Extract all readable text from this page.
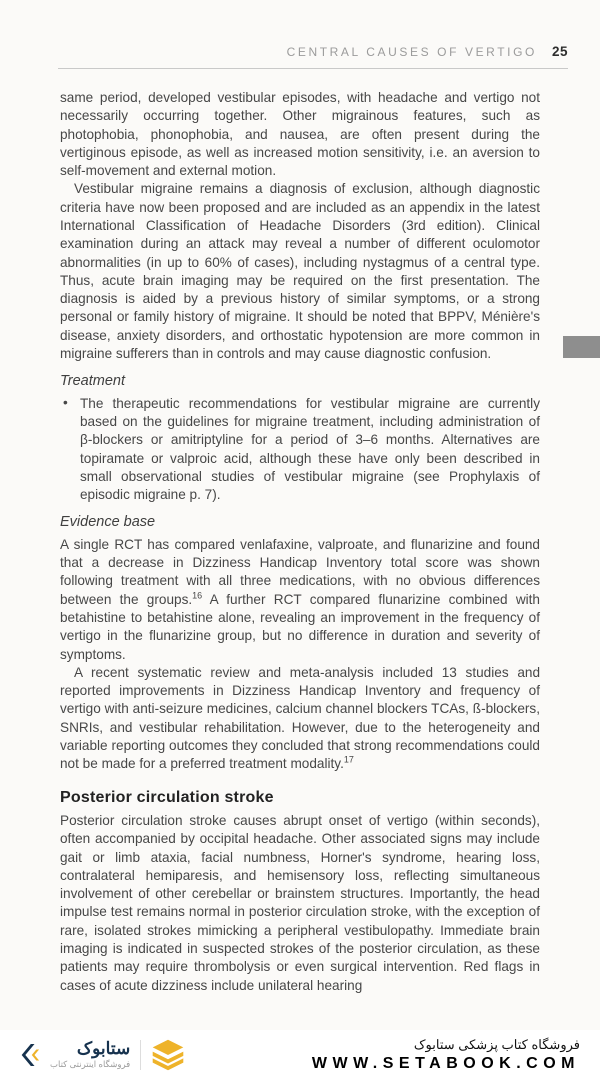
CENTRAL CAUSES OF VERTIGO 25

same period, developed vestibular episodes, with headache and vertigo not necessarily occurring together. Other migrainous features, such as photophobia, phonophobia, and nausea, are often present during the vertiginous episode, as well as increased motion sensitivity, i.e. an aversion to self-movement and external motion.

Vestibular migraine remains a diagnosis of exclusion, although diagnostic criteria have now been proposed and are included as an appendix in the latest International Classification of Headache Disorders (3rd edition). Clinical examination during an attack may reveal a number of different oculomotor abnormalities (in up to 60% of cases), including nystagmus of a central type. Thus, acute brain imaging may be required on the first presentation. The diagnosis is aided by a previous history of similar symptoms, or a strong personal or family history of migraine. It should be noted that BPPV, Ménière's disease, anxiety disorders, and orthostatic hypotension are more common in migraine sufferers than in controls and may cause diagnostic confusion.

Treatment
• The therapeutic recommendations for vestibular migraine are currently based on the guidelines for migraine treatment, including administration of β-blockers or amitriptyline for a period of 3–6 months. Alternatives are topiramate or valproic acid, although these have only been described in small observational studies of vestibular migraine (see Prophylaxis of episodic migraine p. 7).

Evidence base

A single RCT has compared venlafaxine, valproate, and flunarizine and found that a decrease in Dizziness Handicap Inventory total score was shown following treatment with all three medications, with no obvious differences between the groups.$^{16}$ A further RCT compared flunarizine combined with betahistine to betahistine alone, revealing an improvement in the frequency of vertigo in the flunarizine group, but no difference in duration and severity of symptoms.

A recent systematic review and meta-analysis included 13 studies and reported improvements in Dizziness Handicap Inventory and frequency of vertigo with anti-seizure medicines, calcium channel blockers TCAs, ß-blockers, SNRIs, and vestibular rehabilitation. However, due to the heterogeneity and variable reporting outcomes they concluded that strong recommendations could not be made for a preferred treatment modality.$^{17}$

Posterior circulation stroke

Posterior circulation stroke causes abrupt onset of vertigo (within seconds), often accompanied by occipital headache. Other associated signs may include gait or limb ataxia, facial numbness, Horner's syndrome, hearing loss, contralateral hemiparesis, and hemisensory loss, reflecting simultaneous involvement of other cerebellar or brainstem structures. Importantly, the head impulse test remains normal in posterior circulation stroke, with the exception of rare, isolated strokes mimicking a peripheral vestibulopathy. Immediate brain imaging is indicated in suspected strokes of the posterior circulation, as these patients may require thrombolysis or even surgical intervention. Red flags in cases of acute dizziness include unilateral hearing

ستابوک
فروشگاه اینترنتی کتاب
فروشگاه کتاب پزشکی ستابوک
WWW.SETABOOK.COM
